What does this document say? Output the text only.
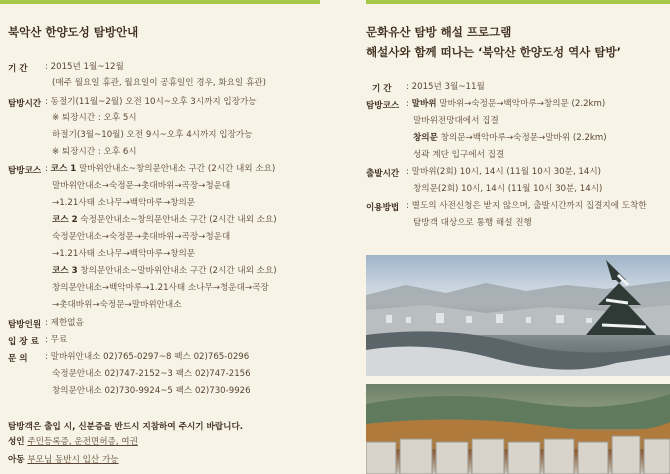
북악산 한양도성 탐방안내
기 간 : 2015년 1월~12월
(매주 월요일 휴관, 월요일이 공휴일인 경우, 화요일 휴관)
탐방시간 : 동절기(11월~2월) 오전 10시~오후 3시까지 입장가능
※ 퇴장시간 : 오후 5시
하절기(3월~10월) 오전 9시~오후 4시까지 입장가능
※ 퇴장시간 : 오후 6시
탐방코스 : 코스 1 말바위안내소~창의문안내소 구간 (2시간 내외 소요)
말바위안내소→숙정문→촛대바위→곡장→청운대
→1.21사태 소나무→백악마루→창의문
코스 2 숙정문안내소~창의문안내소 구간 (2시간 내외 소요)
숙정문안내소→숙정문→촛대바위→곡장→청운대
→1.21사태 소나무→백악마루→창의문
코스 3 창의문안내소~말바위안내소 구간 (2시간 내외 소요)
창의문안내소→백악마루→1.21사태 소나무→청운대→곡장
→촛대바위→숙정문→말바위안내소
탐방인원 : 제한없음
입 장 료 : 무료
문 의 : 말바위안내소 02)765-0297~8 팩스 02)765-0296
숙정문안내소 02)747-2152~3 팩스 02)747-2156
창의문안내소 02)730-9924~5 팩스 02)730-9926
탐방객은 출입 시, 신분증을 반드시 지참하여 주시기 바랍니다.
성인 주민등록증, 운전면허증, 여권
아동 부모님 동반시 입산 가능
문화유산 탐방 해설 프로그램
해설사와 함께 떠나는 ‘북악산 한양도성 역사 탐방’
기 간 : 2015년 3월~11월
탐방코스 : 말바위 말바위→숙정문→백악마루→창의문 (2.2km)
말바위전망대에서 집결
창의문 창의문→백악마루→숙정문→말바위 (2.2km)
성곽 계단 입구에서 집결
출발시간 : 말바위(2회) 10시, 14시 (11월 10시 30분, 14시)
창의문(2회) 10시, 14시 (11월 10시 30분, 14시)
이용방법 : 별도의 사전신청은 받지 않으며, 출발시간까지 집결지에 도착한
탐방객 대상으로 통행 해설 진행
